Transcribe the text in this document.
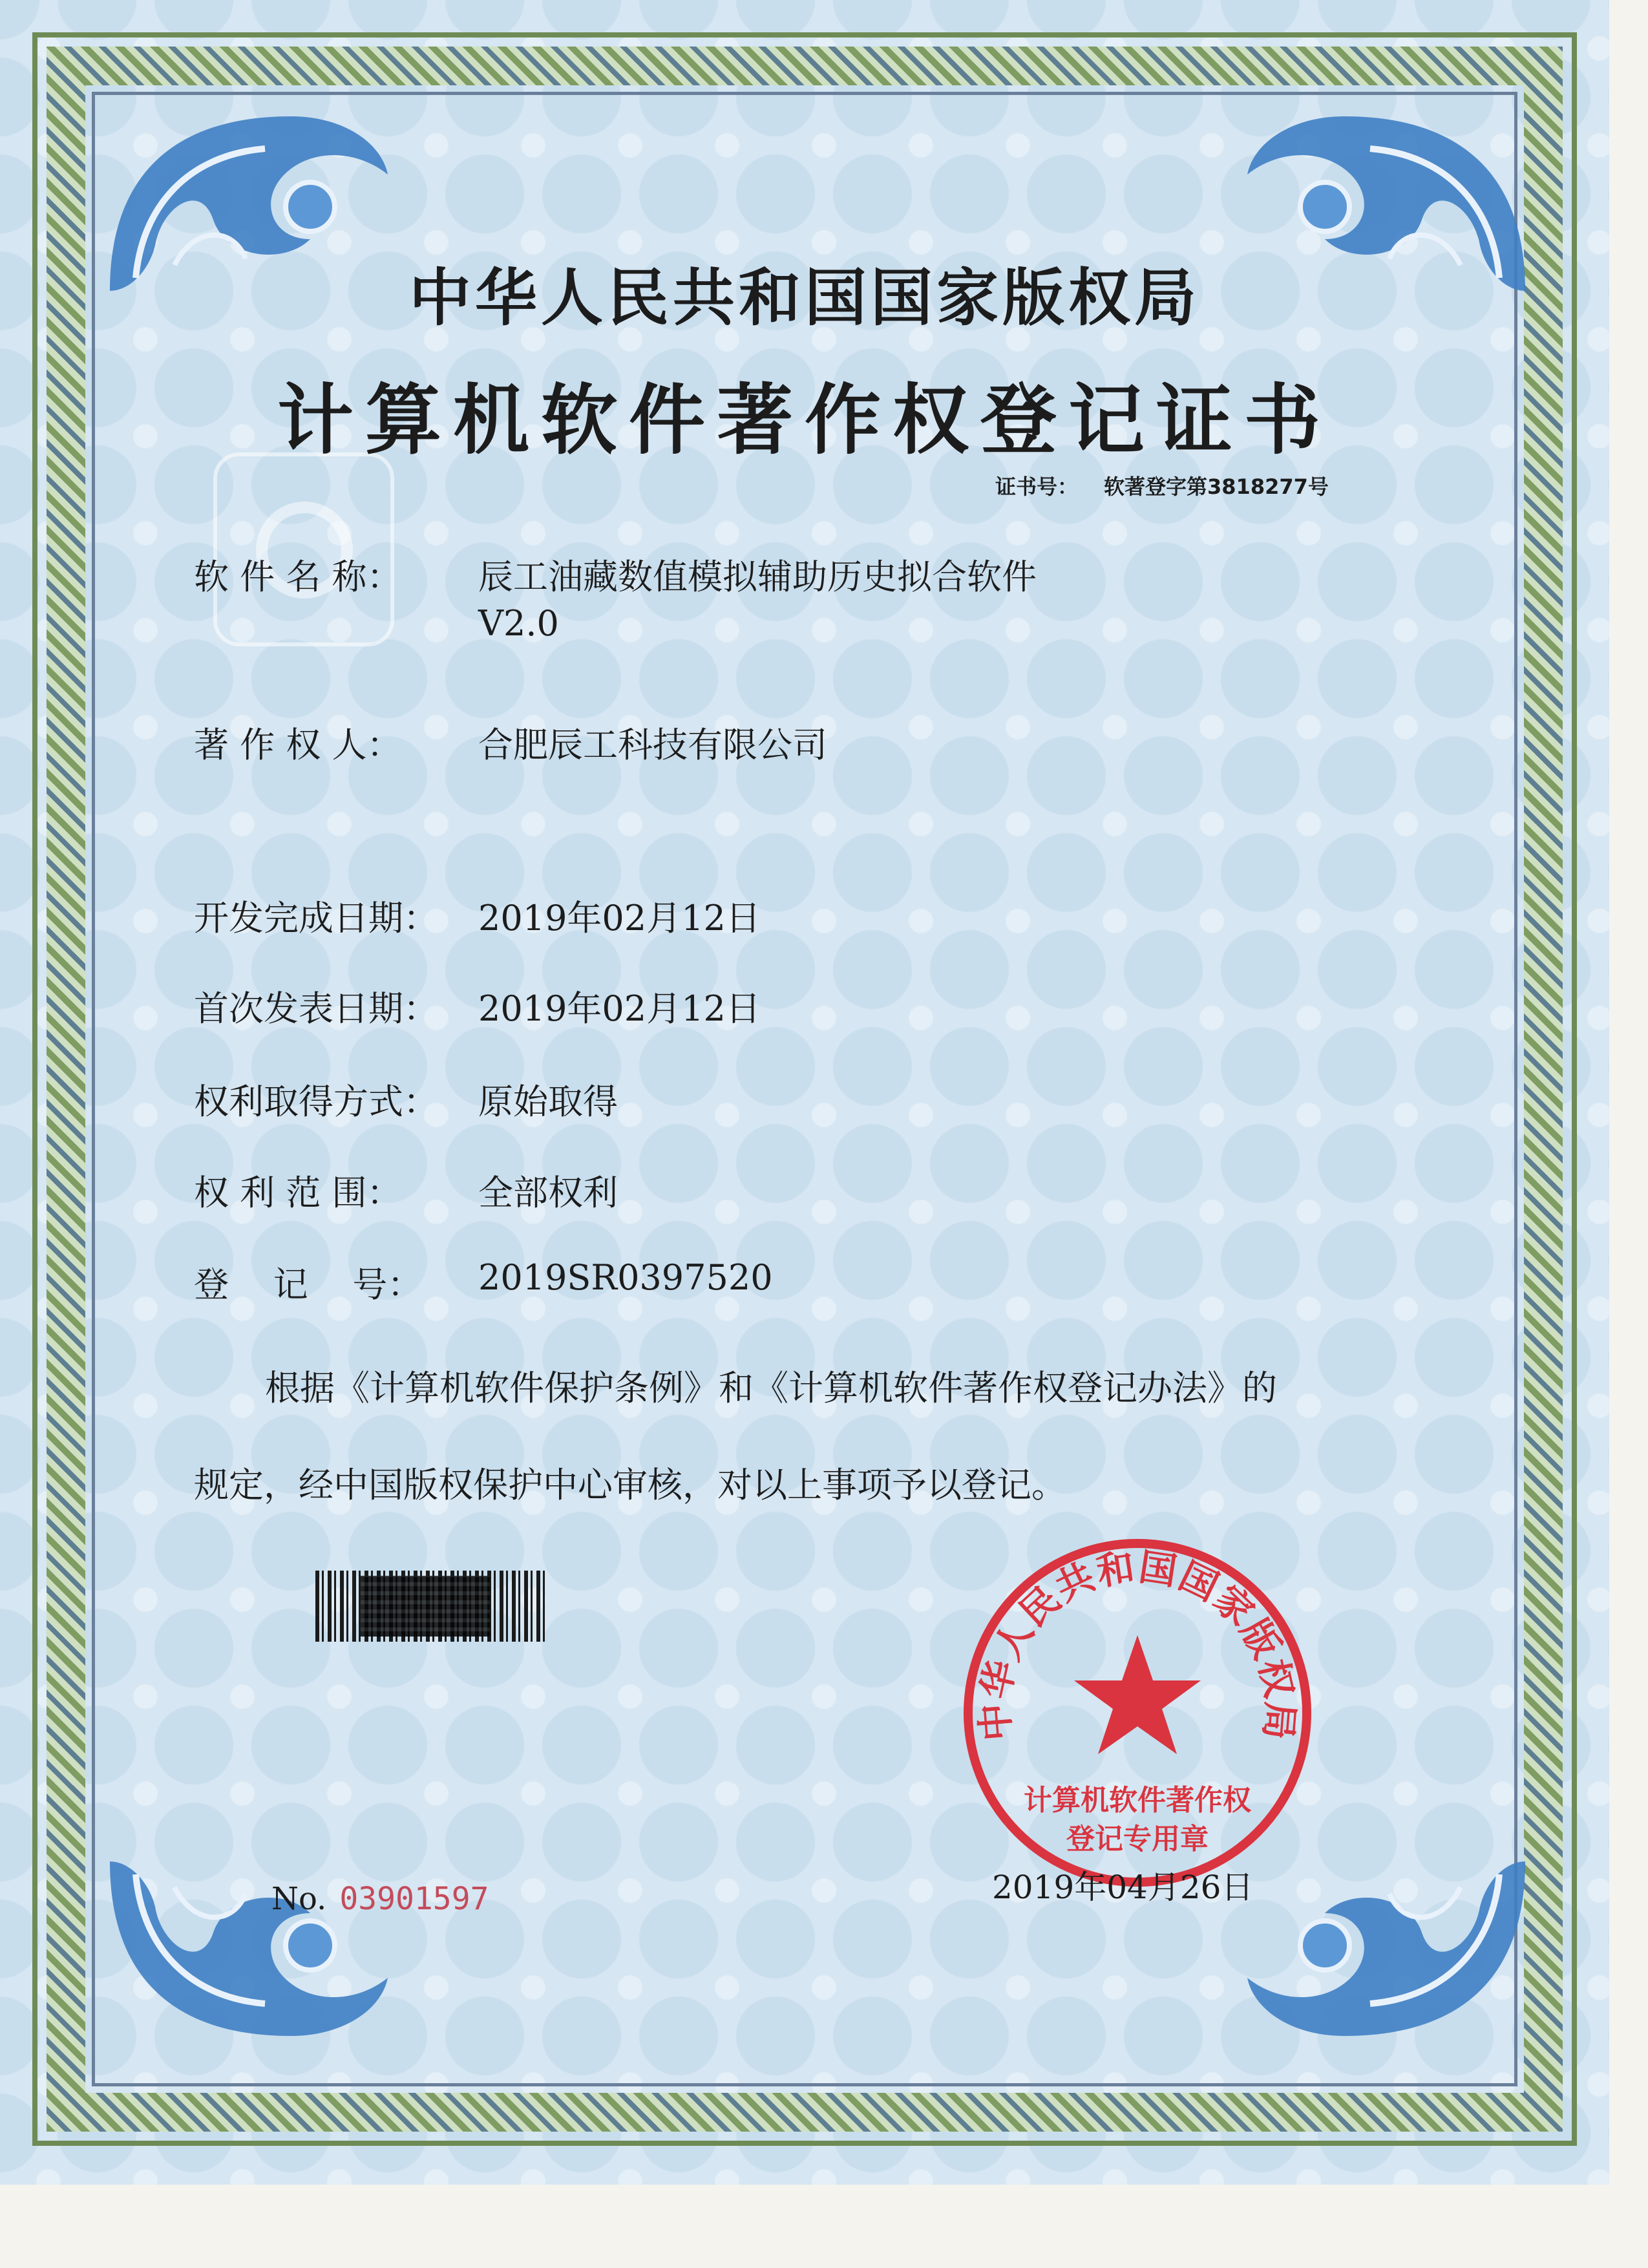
中华人民共和国国家版权局
计算机软件著作权登记证书
证书号： 软著登字第3818277号
软 件 名 称： 辰工油藏数值模拟辅助历史拟合软件
V2.0
著 作 权 人： 合肥辰工科技有限公司
开发完成日期： 2019年02月12日
首次发表日期： 2019年02月12日
权利取得方式： 原始取得
权 利 范 围： 全部权利
登    记    号： 2019SR0397520
根据《计算机软件保护条例》和《计算机软件著作权登记办法》的
规定，经中国版权保护中心审核，对以上事项予以登记。
No. 03901597
中华人民共和国国家版权局
计算机软件著作权
登记专用章
2019年04月26日
